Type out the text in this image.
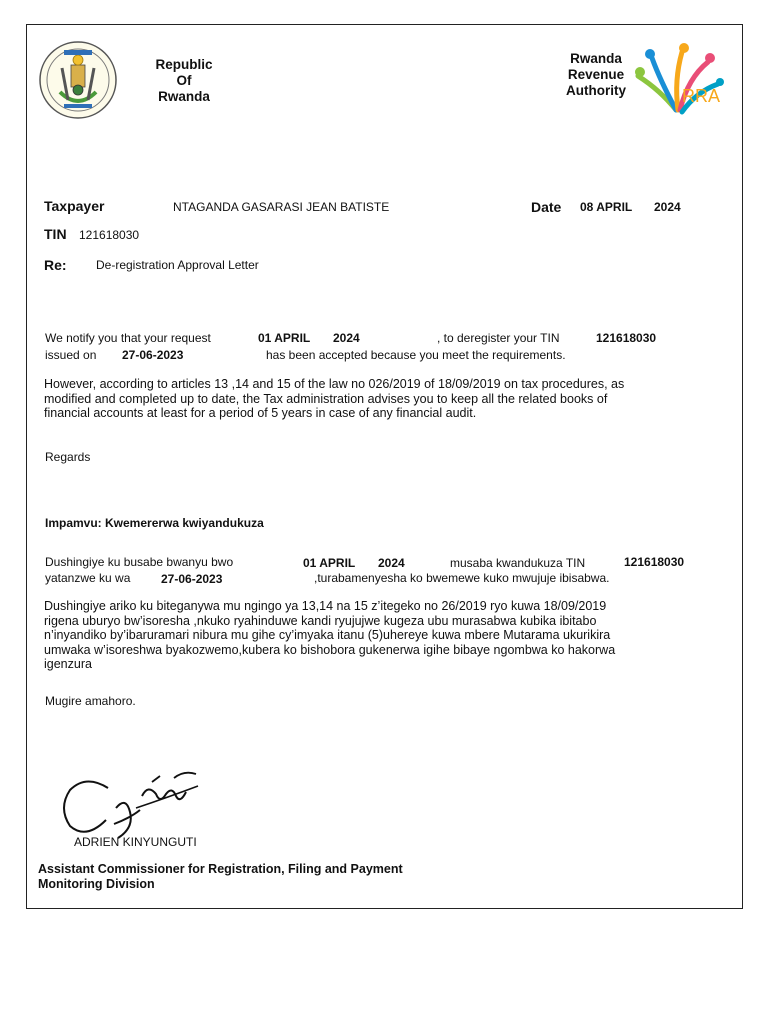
Republic
Of
Rwanda
Rwanda
Revenue
Authority	RRA
Taxpayer	NTAGANDA GASARASI JEAN BATISTE	Date 08 APRIL 2024
TIN 121618030
Re: De-registration Approval Letter
We notify you that your request	01 APRIL 2024	, to deregister your TIN	121618030
issued on 27-06-2023	has been accepted because you meet the requirements.
However, according to articles 13 ,14 and 15 of the law no 026/2019 of 18/09/2019 on tax procedures, as
modified and completed up to date, the Tax administration advises you to keep all the related books of
financial accounts at least for a period of 5 years in case of any financial audit.
Regards
Impamvu: Kwemererwa kwiyandukuza
Dushingiye ku busabe bwanyu bwo	01 APRIL 2024	musaba kwandukuza TIN	121618030
yatanzwe ku wa	27-06-2023	,turabamenyesha ko bwemewe kuko mwujuje ibisabwa.
Dushingiye ariko ku biteganywa mu ngingo ya 13,14 na 15 z’itegeko no 26/2019 ryo kuwa 18/09/2019
rigena uburyo bw’isoresha ,nkuko ryahinduwe kandi ryujujwe kugeza ubu murasabwa kubika ibitabo
n’inyandiko by’ibaruramari nibura mu gihe cy’imyaka itanu (5)uhereye kuwa mbere Mutarama ukurikira
umwaka w’isoreshwa byakozwemo,kubera ko bishobora gukenerwa igihe bibaye ngombwa ko hakorwa
igenzura
Mugire amahoro.
ADRIEN KINYUNGUTI
Assistant Commissioner for Registration, Filing and Payment
Monitoring Division
